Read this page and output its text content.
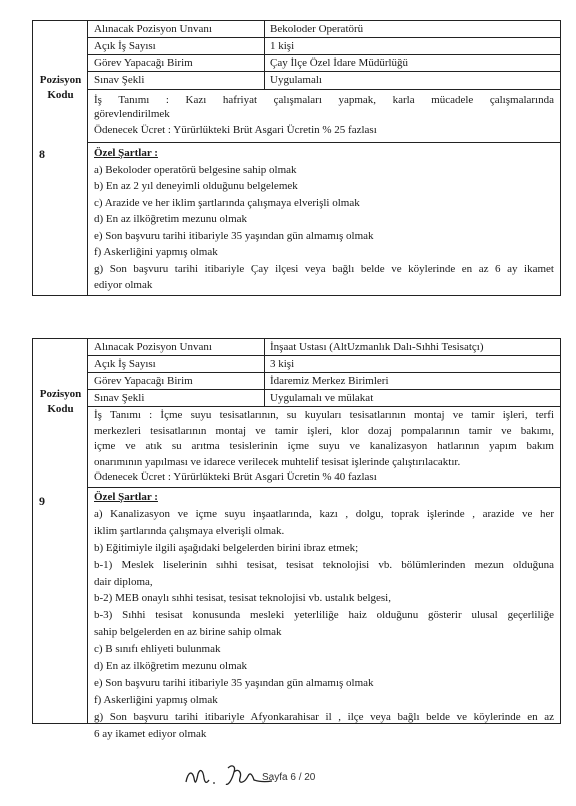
Pozisyon
Kodu
8
Alınacak Pozisyon Unvanı	Bekoloder Operatörü
Açık İş Sayısı	1 kişi
Görev Yapacağı Birim	Çay İlçe Özel İdare Müdürlüğü
Sınav Şekli	Uygulamalı
İş Tanımı : Kazı hafriyat çalışmaları yapmak, karla mücadele çalışmalarında
görevlendirilmek
Ödenecek Ücret : Yürürlükteki Brüt Asgari Ücretin % 25 fazlası
Özel Şartlar :
a) Bekoloder operatörü belgesine sahip olmak
b) En az 2 yıl deneyimli olduğunu belgelemek
c) Arazide ve her iklim şartlarında çalışmaya elverişli olmak
d) En az ilköğretim mezunu olmak
e) Son başvuru tarihi itibariyle 35 yaşından gün almamış olmak
f) Askerliğini yapmış olmak
g) Son başvuru tarihi itibariyle Çay ilçesi veya bağlı belde ve köylerinde en az 6 ay ikamet
ediyor olmak
Pozisyon
Kodu
9
Alınacak Pozisyon Unvanı	İnşaat Ustası (AltUzmanlık Dalı-Sıhhi Tesisatçı)
Açık İş Sayısı	3 kişi
Görev Yapacağı Birim	İdaremiz Merkez Birimleri
Sınav Şekli	Uygulamalı ve mülakat
İş Tanımı : İçme suyu tesisatlarının, su kuyuları tesisatlarının montaj ve tamir işleri, terfi
merkezleri tesisatlarının montaj ve tamir işleri, klor dozaj pompalarının tamir ve bakımı,
içme ve atık su arıtma tesislerinin içme suyu ve kanalizasyon hatlarının yapım bakım
onarımının yapılması ve idarece verilecek muhtelif tesisat işlerinde çalıştırılacaktır.
Ödenecek Ücret : Yürürlükteki Brüt Asgari Ücretin % 40 fazlası
Özel Şartlar :
a) Kanalizasyon ve içme suyu inşaatlarında, kazı , dolgu, toprak işlerinde , arazide ve her
iklim şartlarında çalışmaya elverişli olmak.
b) Eğitimiyle ilgili aşağıdaki belgelerden birini ibraz etmek;
b-1) Meslek liselerinin sıhhi tesisat, tesisat teknolojisi vb. bölümlerinden mezun olduğuna
dair diploma,
b-2) MEB onaylı sıhhi tesisat, tesisat teknolojisi vb. ustalık belgesi,
b-3) Sıhhi tesisat konusunda mesleki yeterliliğe haiz olduğunu gösterir ulusal geçerliliğe
sahip belgelerden en az birine sahip olmak
c) B sınıfı ehliyeti bulunmak
d) En az ilköğretim mezunu olmak
e) Son başvuru tarihi itibariyle 35 yaşından gün almamış olmak
f) Askerliğini yapmış olmak
g) Son başvuru tarihi itibariyle Afyonkarahisar il , ilçe veya bağlı belde ve köylerinde en az
6 ay ikamet ediyor olmak
Sayfa 6 / 20
